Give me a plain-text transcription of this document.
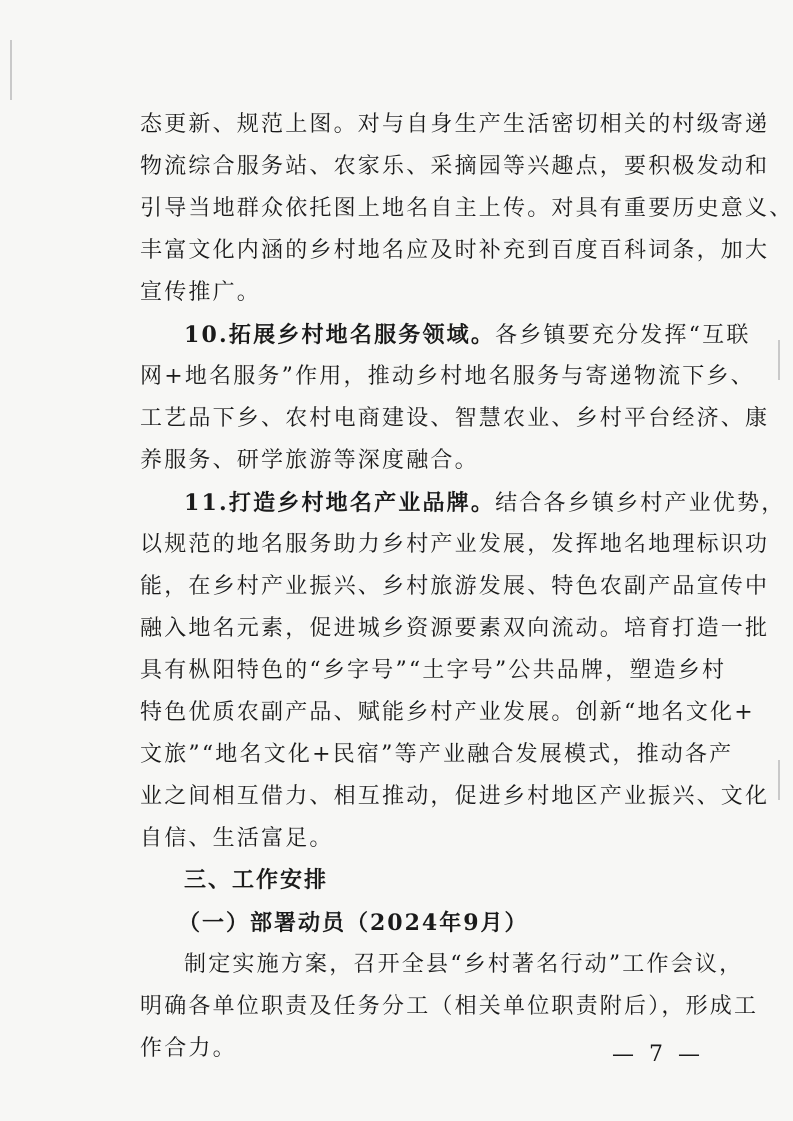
态更新、规范上图。对与自身生产生活密切相关的村级寄递
物流综合服务站、农家乐、采摘园等兴趣点，要积极发动和
引导当地群众依托图上地名自主上传。对具有重要历史意义、
丰富文化内涵的乡村地名应及时补充到百度百科词条，加大
宣传推广。
10.拓展乡村地名服务领域。各乡镇要充分发挥“互联
网+地名服务”作用，推动乡村地名服务与寄递物流下乡、
工艺品下乡、农村电商建设、智慧农业、乡村平台经济、康
养服务、研学旅游等深度融合。
11.打造乡村地名产业品牌。结合各乡镇乡村产业优势，
以规范的地名服务助力乡村产业发展，发挥地名地理标识功
能，在乡村产业振兴、乡村旅游发展、特色农副产品宣传中
融入地名元素，促进城乡资源要素双向流动。培育打造一批
具有枞阳特色的“乡字号”“土字号”公共品牌，塑造乡村
特色优质农副产品、赋能乡村产业发展。创新“地名文化+
文旅”“地名文化+民宿”等产业融合发展模式，推动各产
业之间相互借力、相互推动，促进乡村地区产业振兴、文化
自信、生活富足。
三、工作安排
（一）部署动员（2024年9月）
制定实施方案，召开全县“乡村著名行动”工作会议，
明确各单位职责及任务分工（相关单位职责附后），形成工
作合力。	— 7 —
